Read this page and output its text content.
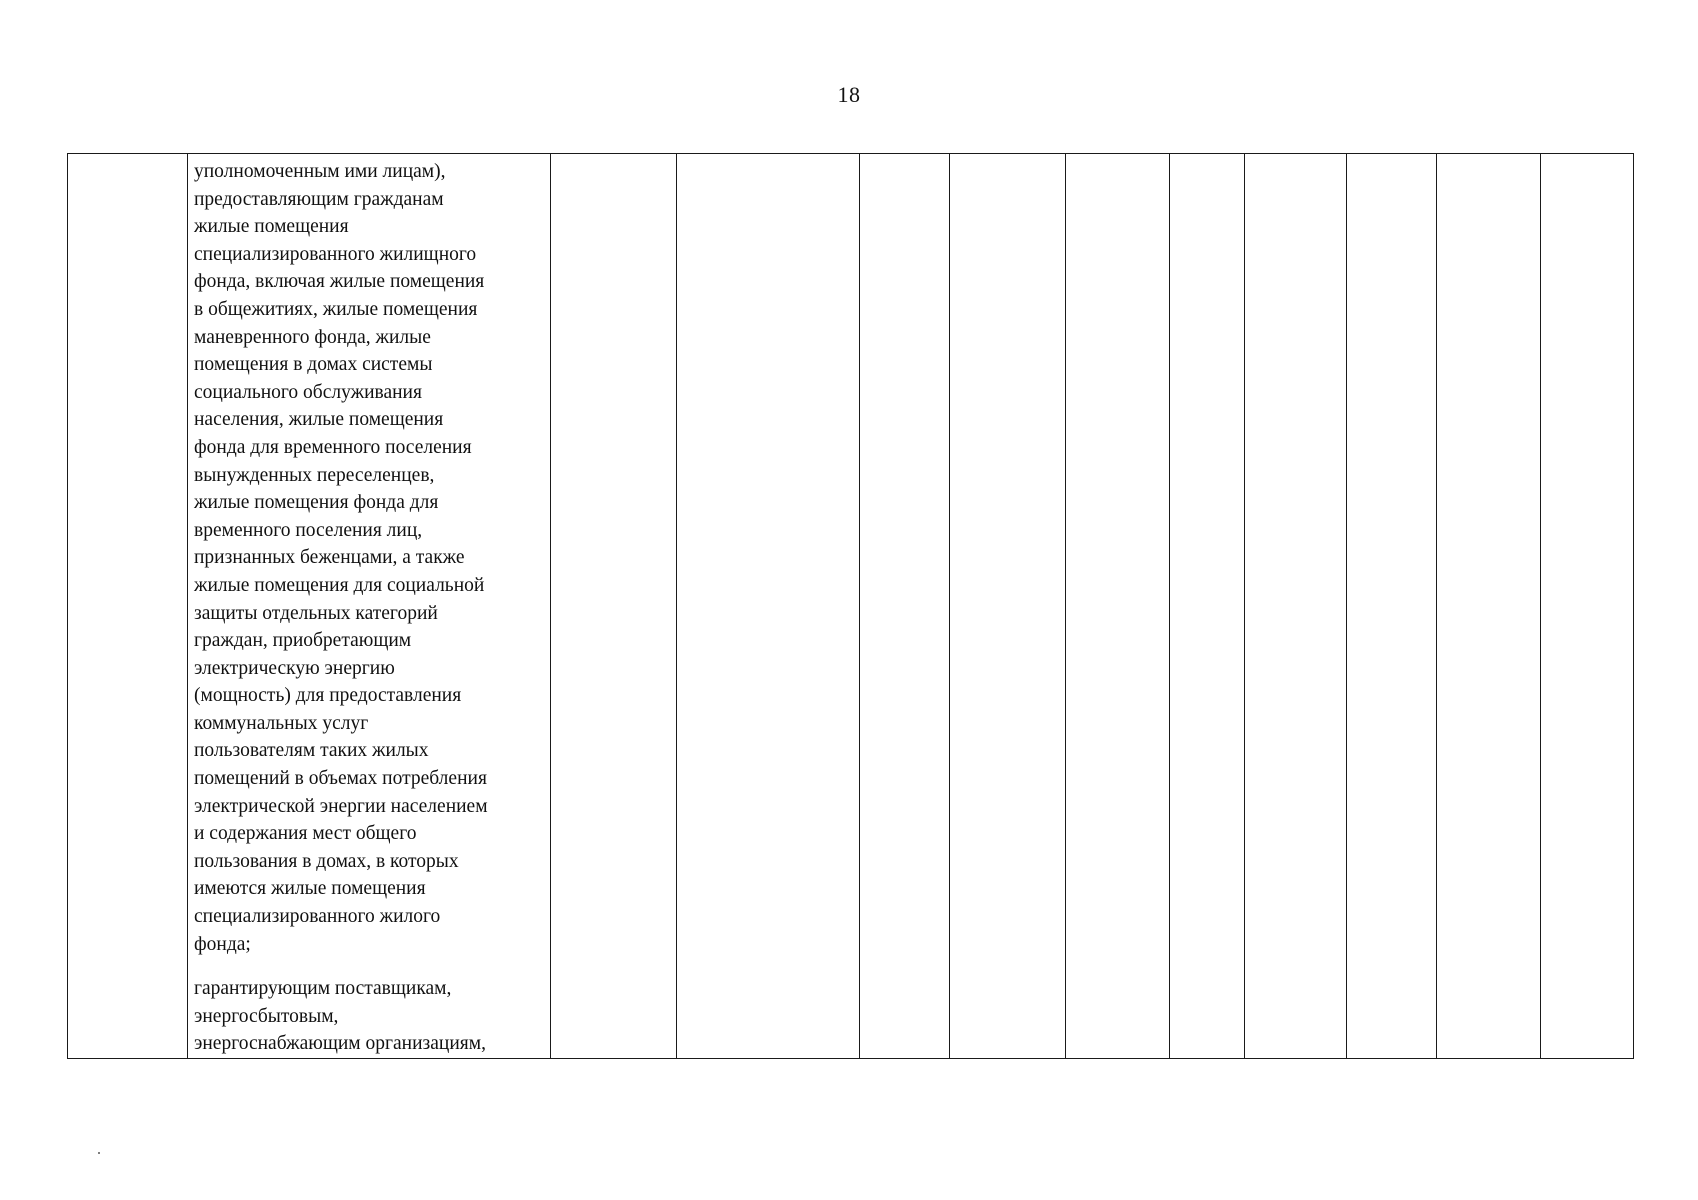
18

уполномоченным ими лицам),
предоставляющим гражданам
жилые помещения
специализированного жилищного
фонда, включая жилые помещения
в общежитиях, жилые помещения
маневренного фонда, жилые
помещения в домах системы
социального обслуживания
населения, жилые помещения
фонда для временного поселения
вынужденных переселенцев,
жилые помещения фонда для
временного поселения лиц,
признанных беженцами, а также
жилые помещения для социальной
защиты отдельных категорий
граждан, приобретающим
электрическую энергию
(мощность) для предоставления
коммунальных услуг
пользователям таких жилых
помещений в объемах потребления
электрической энергии населением
и содержания мест общего
пользования в домах, в которых
имеются жилые помещения
специализированного жилого
фонда;

гарантирующим поставщикам,
энергосбытовым,
энергоснабжающим организациям,
